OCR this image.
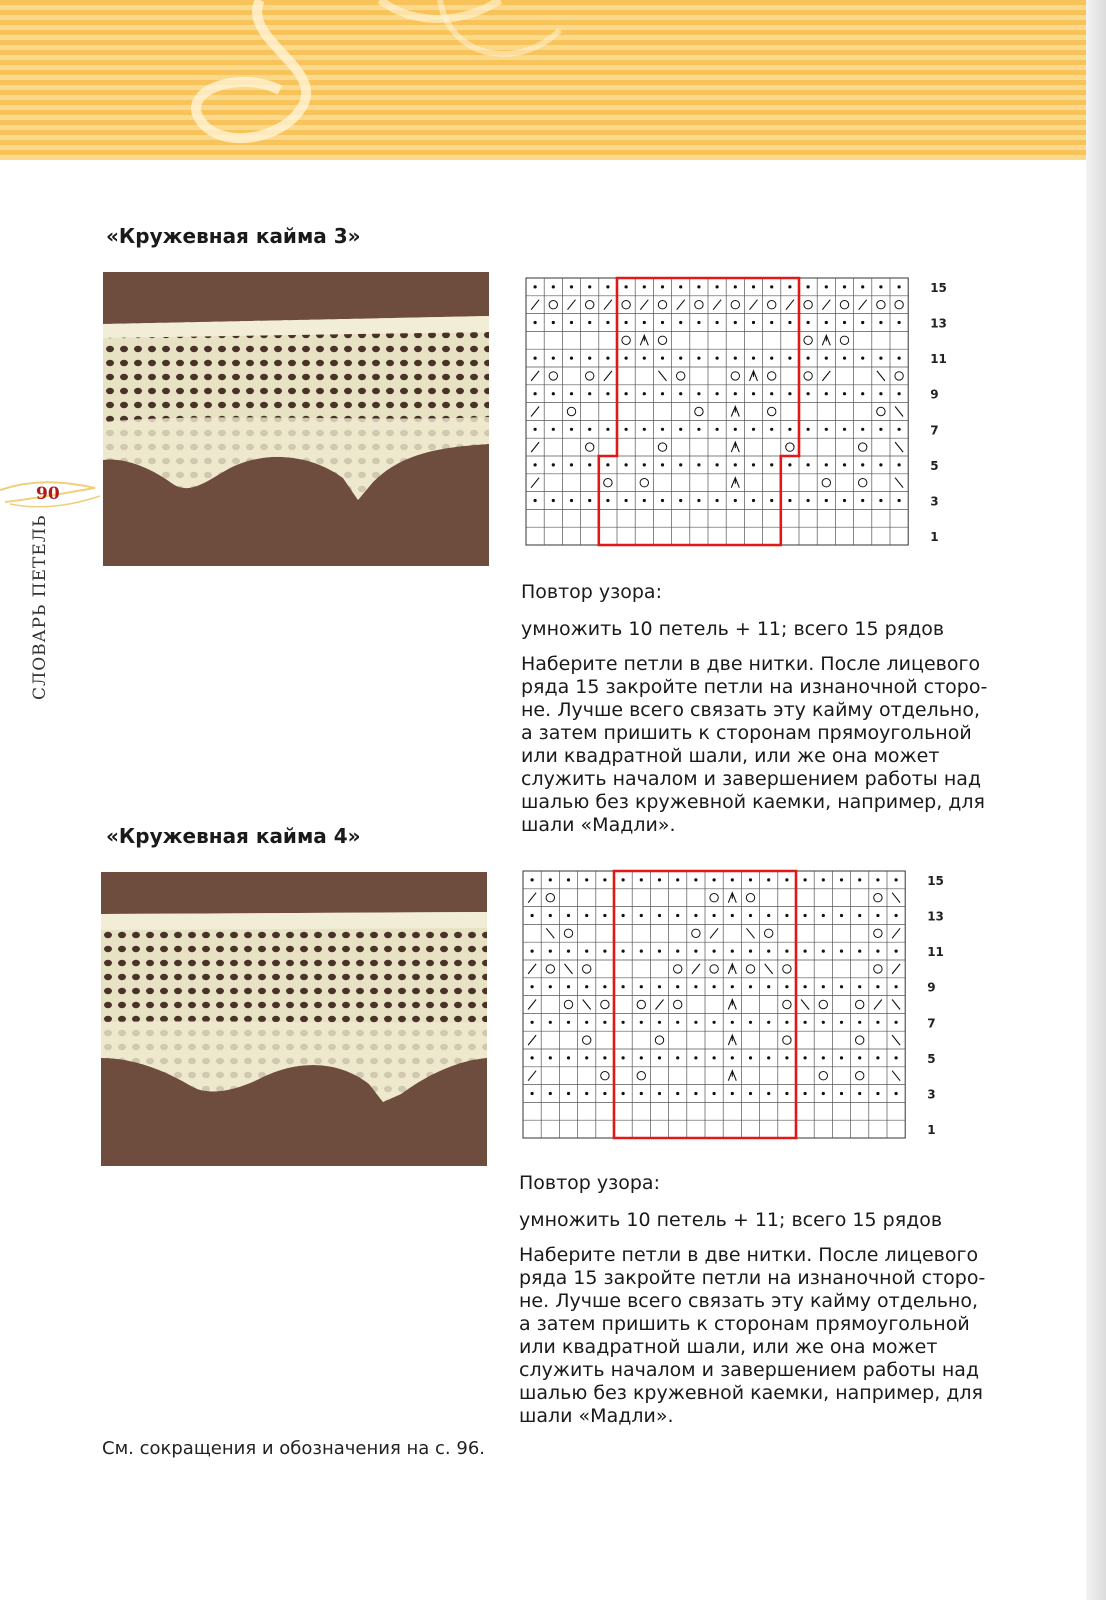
90
СЛОВАРЬ ПЕТЕЛЬ
«Кружевная кайма 3»
15
13
11
9
7
5
3
1

Повтор узора:

умножить 10 петель + 11; всего 15 рядов

Наберите петли в две нитки. После лицевого

ряда 15 закройте петли на изнаночной сторо-

не. Лучше всего связать эту кайму отдельно,

а затем пришить к сторонам прямоугольной

или квадратной шали, или же она может

служить началом и завершением работы над

шалью без кружевной каемки, например, для

шали «Мадли».

«Кружевная кайма 4»
15
13
11
9
7
5
3
1

Повтор узора:

умножить 10 петель + 11; всего 15 рядов

Наберите петли в две нитки. После лицевого

ряда 15 закройте петли на изнаночной сторо-

не. Лучше всего связать эту кайму отдельно,

а затем пришить к сторонам прямоугольной

или квадратной шали, или же она может

служить началом и завершением работы над

шалью без кружевной каемки, например, для

шали «Мадли».

См. сокращения и обозначения на с. 96.
